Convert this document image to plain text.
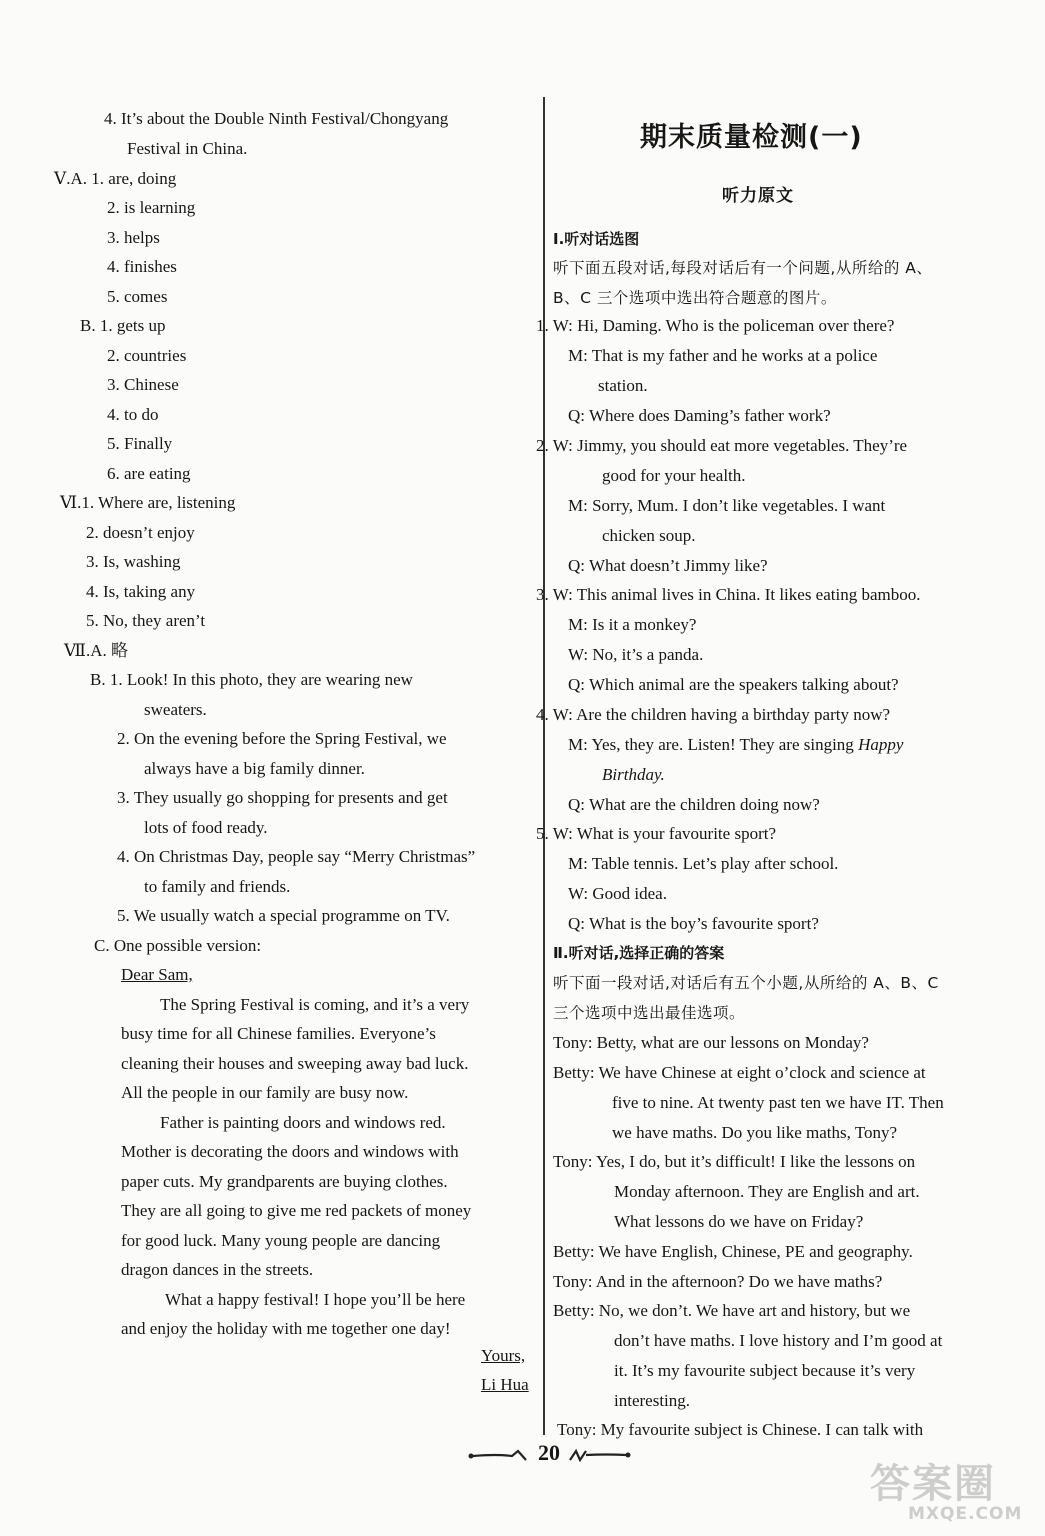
期末质量检测(一)
听力原文
20
答案圈
MXQE.COM
4. It’s about the Double Ninth Festival/Chongyang
Festival in China.
Ⅴ.A. 1. are, doing
2. is learning
3. helps
4. finishes
5. comes
B. 1. gets up
2. countries
3. Chinese
4. to do
5. Finally
6. are eating
Ⅵ.1. Where are, listening
2. doesn’t enjoy
3. Is, washing
4. Is, taking any
5. No, they aren’t
Ⅶ.A. 略
B. 1. Look! In this photo, they are wearing new
sweaters.
2. On the evening before the Spring Festival, we
always have a big family dinner.
3. They usually go shopping for presents and get
lots of food ready.
4. On Christmas Day, people say “Merry Christmas”
to family and friends.
5. We usually watch a special programme on TV.
C. One possible version:
Dear Sam,
The Spring Festival is coming, and it’s a very
busy time for all Chinese families. Everyone’s
cleaning their houses and sweeping away bad luck.
All the people in our family are busy now.
Father is painting doors and windows red.
Mother is decorating the doors and windows with
paper cuts. My grandparents are buying clothes.
They are all going to give me red packets of money
for good luck. Many young people are dancing
dragon dances in the streets.
What a happy festival! I hope you’ll be here
and enjoy the holiday with me together one day!
Yours,
Li Hua
Ⅰ.听对话选图
听下面五段对话,每段对话后有一个问题,从所给的 A、
B、C 三个选项中选出符合题意的图片。
1. W: Hi, Daming. Who is the policeman over there?
M: That is my father and he works at a police
station.
Q: Where does Daming’s father work?
2. W: Jimmy, you should eat more vegetables. They’re
good for your health.
M: Sorry, Mum. I don’t like vegetables. I want
chicken soup.
Q: What doesn’t Jimmy like?
3. W: This animal lives in China. It likes eating bamboo.
M: Is it a monkey?
W: No, it’s a panda.
Q: Which animal are the speakers talking about?
4. W: Are the children having a birthday party now?
M: Yes, they are. Listen! They are singing Happy
Birthday.
Q: What are the children doing now?
5. W: What is your favourite sport?
M: Table tennis. Let’s play after school.
W: Good idea.
Q: What is the boy’s favourite sport?
Ⅱ.听对话,选择正确的答案
听下面一段对话,对话后有五个小题,从所给的 A、B、C
三个选项中选出最佳选项。
Tony: Betty, what are our lessons on Monday?
Betty: We have Chinese at eight o’clock and science at
five to nine. At twenty past ten we have IT. Then
we have maths. Do you like maths, Tony?
Tony: Yes, I do, but it’s difficult! I like the lessons on
Monday afternoon. They are English and art.
What lessons do we have on Friday?
Betty: We have English, Chinese, PE and geography.
Tony: And in the afternoon? Do we have maths?
Betty: No, we don’t. We have art and history, but we
don’t have maths. I love history and I’m good at
it. It’s my favourite subject because it’s very
interesting.
Tony: My favourite subject is Chinese. I can talk with
